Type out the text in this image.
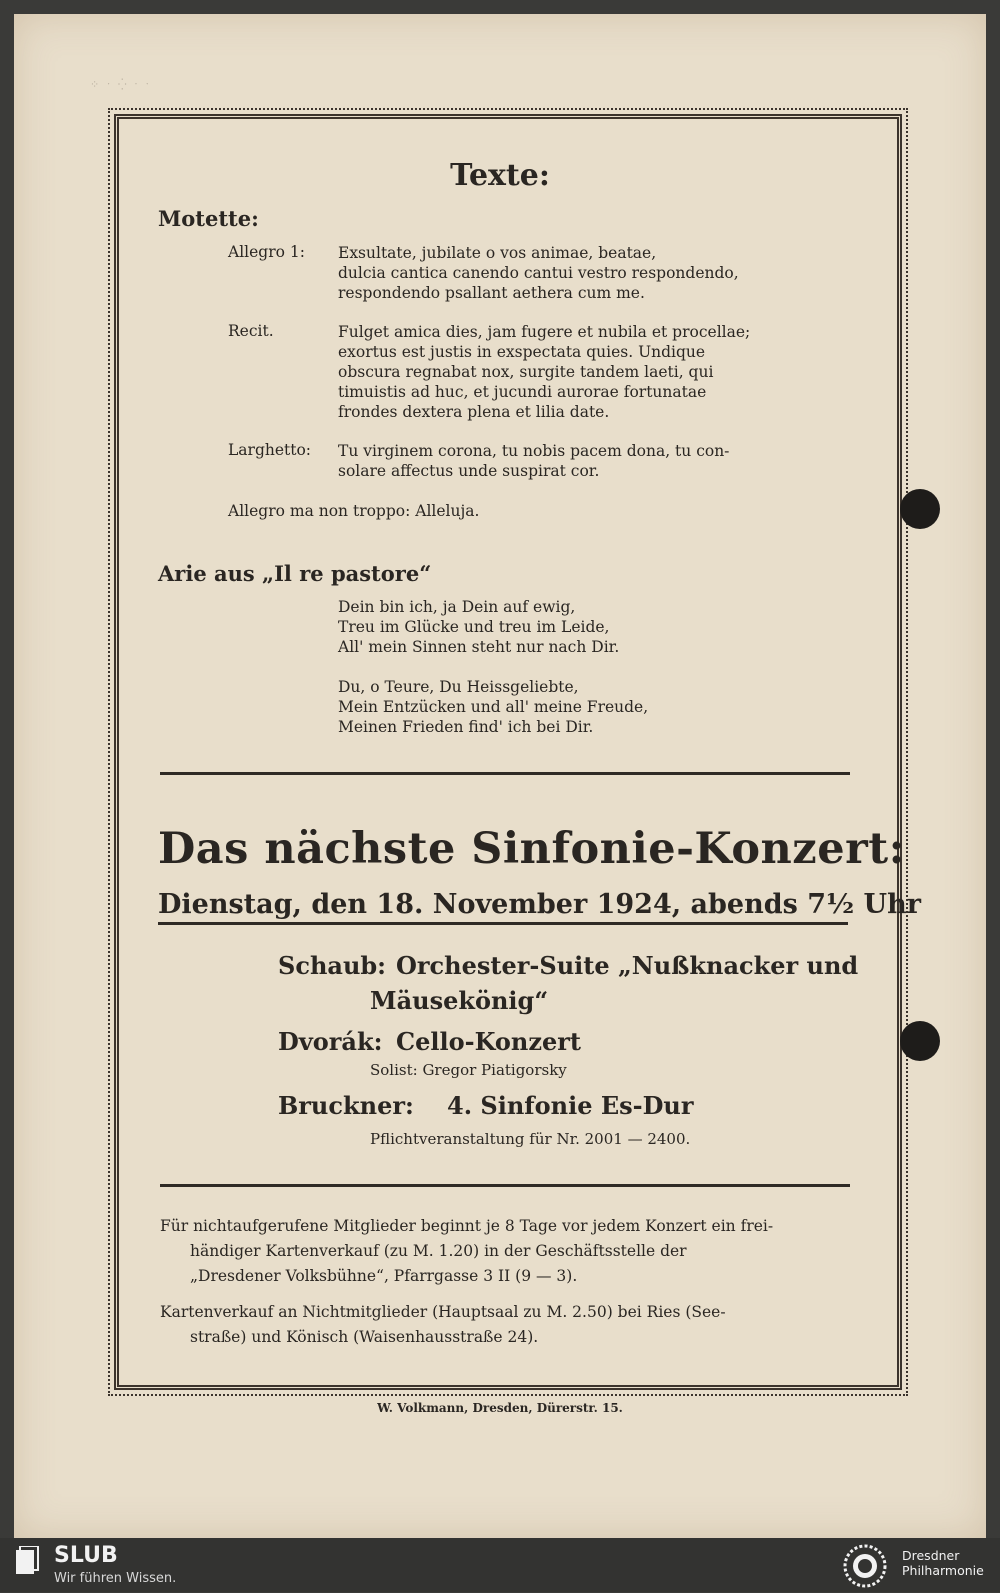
⁘ ˑ ⁛ ˑ ˑ
Texte:
Motette:
Allegro 1: Exsultate, jubilate o vos animae, beatae,
dulcia cantica canendo cantui vestro respondendo,
respondendo psallant aethera cum me.
Recit.	Fulget amica dies, jam fugere et nubila et procellae;
exortus est justis in exspectata quies. Undique
obscura regnabat nox, surgite tandem laeti, qui
timuistis ad huc, et jucundi aurorae fortunatae
frondes dextera plena et lilia date.
Larghetto: Tu virginem corona, tu nobis pacem dona, tu con-
solare affectus unde suspirat cor.
Allegro ma non troppo: Alleluja.
Arie aus „Il re pastore“
Dein bin ich, ja Dein auf ewig,
Treu im Glücke und treu im Leide,
All' mein Sinnen steht nur nach Dir.
Du, o Teure, Du Heissgeliebte,
Mein Entzücken und all' meine Freude,
Meinen Frieden find' ich bei Dir.
Das nächste Sinfonie-Konzert:
Dienstag, den 18. November 1924, abends 7½ Uhr
Schaub: Orchester-Suite „Nußknacker und
Mäusekönig“
Dvorák: Cello-Konzert
Solist: Gregor Piatigorsky
Bruckner: 4. Sinfonie Es-Dur
Pflichtveranstaltung für Nr. 2001 — 2400.
Für nichtaufgerufene Mitglieder beginnt je 8 Tage vor jedem Konzert ein frei-
händiger Kartenverkauf (zu M. 1.20) in der Geschäftsstelle der
„Dresdener Volksbühne“, Pfarrgasse 3 II (9 — 3).
Kartenverkauf an Nichtmitglieder (Hauptsaal zu M. 2.50) bei Ries (See-
straße) und Könisch (Waisenhausstraße 24).
W. Volkmann, Dresden, Dürerstr. 15.
SLUB
Wir führen Wissen.
Dresdner
Philharmonie
